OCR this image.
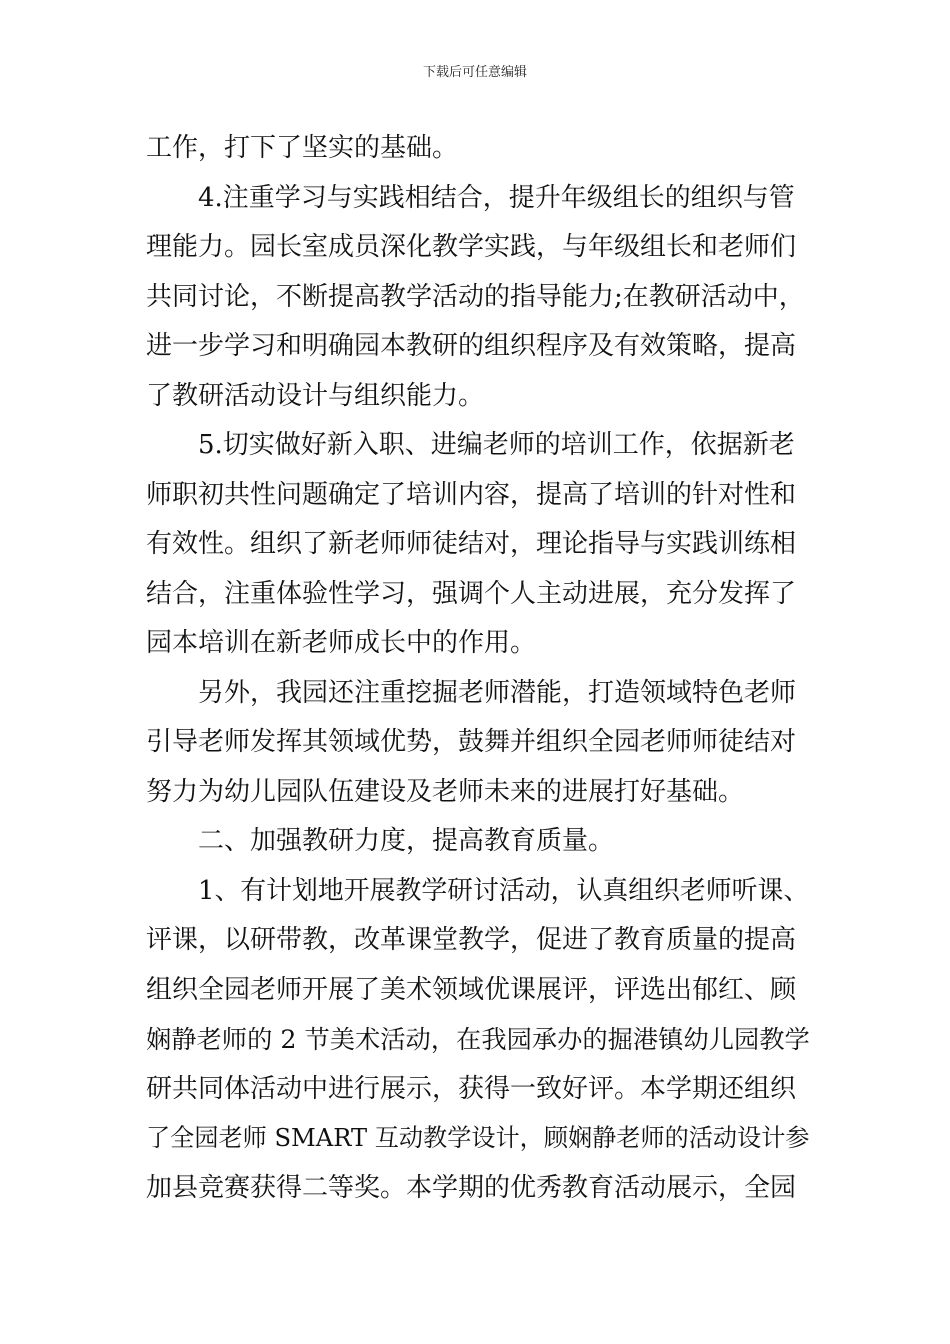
下载后可任意编辑
工作，打下了坚实的基础。
4.注重学习与实践相结合，提升年级组长的组织与管
理能力。园长室成员深化教学实践，与年级组长和老师们
共同讨论，不断提高教学活动的指导能力;在教研活动中，
进一步学习和明确园本教研的组织程序及有效策略，提高
了教研活动设计与组织能力。
5.切实做好新入职、进编老师的培训工作，依据新老
师职初共性问题确定了培训内容，提高了培训的针对性和
有效性。组织了新老师师徒结对，理论指导与实践训练相
结合，注重体验性学习，强调个人主动进展，充分发挥了
园本培训在新老师成长中的作用。
另外，我园还注重挖掘老师潜能，打造领域特色老师
引导老师发挥其领域优势，鼓舞并组织全园老师师徒结对
努力为幼儿园队伍建设及老师未来的进展打好基础。
二、加强教研力度，提高教育质量。
1、有计划地开展教学研讨活动，认真组织老师听课、
评课，以研带教，改革课堂教学，促进了教育质量的提高
组织全园老师开展了美术领域优课展评，评选出郁红、顾
娴静老师的 2 节美术活动，在我园承办的掘港镇幼儿园教学
研共同体活动中进行展示，获得一致好评。本学期还组织
了全园老师 SMART 互动教学设计，顾娴静老师的活动设计参
加县竞赛获得二等奖。本学期的优秀教育活动展示，全园
